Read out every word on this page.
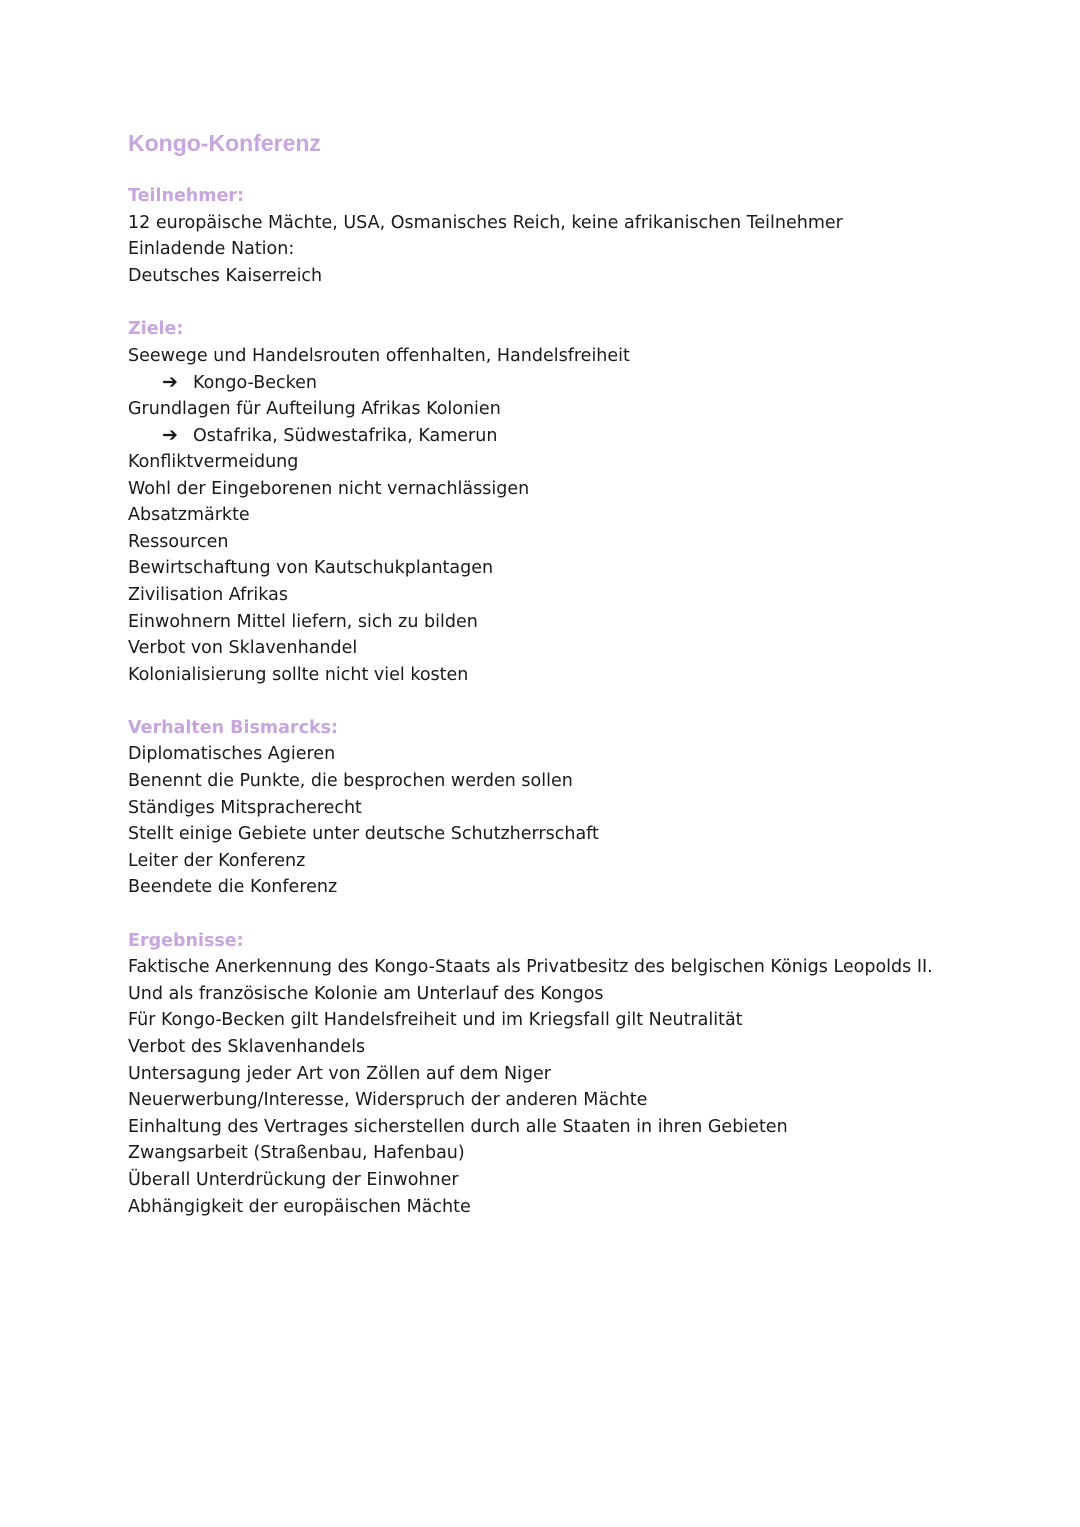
Kongo-Konferenz
Teilnehmer:
12 europäische Mächte, USA, Osmanisches Reich, keine afrikanischen Teilnehmer
Einladende Nation:
Deutsches Kaiserreich
Ziele:
Seewege und Handelsrouten offenhalten, Handelsfreiheit
➔ Kongo-Becken
Grundlagen für Aufteilung Afrikas Kolonien
➔ Ostafrika, Südwestafrika, Kamerun
Konfliktvermeidung
Wohl der Eingeborenen nicht vernachlässigen
Absatzmärkte
Ressourcen
Bewirtschaftung von Kautschukplantagen
Zivilisation Afrikas
Einwohnern Mittel liefern, sich zu bilden
Verbot von Sklavenhandel
Kolonialisierung sollte nicht viel kosten
Verhalten Bismarcks:
Diplomatisches Agieren
Benennt die Punkte, die besprochen werden sollen
Ständiges Mitspracherecht
Stellt einige Gebiete unter deutsche Schutzherrschaft
Leiter der Konferenz
Beendete die Konferenz
Ergebnisse:
Faktische Anerkennung des Kongo-Staats als Privatbesitz des belgischen Königs Leopolds II.
Und als französische Kolonie am Unterlauf des Kongos
Für Kongo-Becken gilt Handelsfreiheit und im Kriegsfall gilt Neutralität
Verbot des Sklavenhandels
Untersagung jeder Art von Zöllen auf dem Niger
Neuerwerbung/Interesse, Widerspruch der anderen Mächte
Einhaltung des Vertrages sicherstellen durch alle Staaten in ihren Gebieten
Zwangsarbeit (Straßenbau, Hafenbau)
Überall Unterdrückung der Einwohner
Abhängigkeit der europäischen Mächte
